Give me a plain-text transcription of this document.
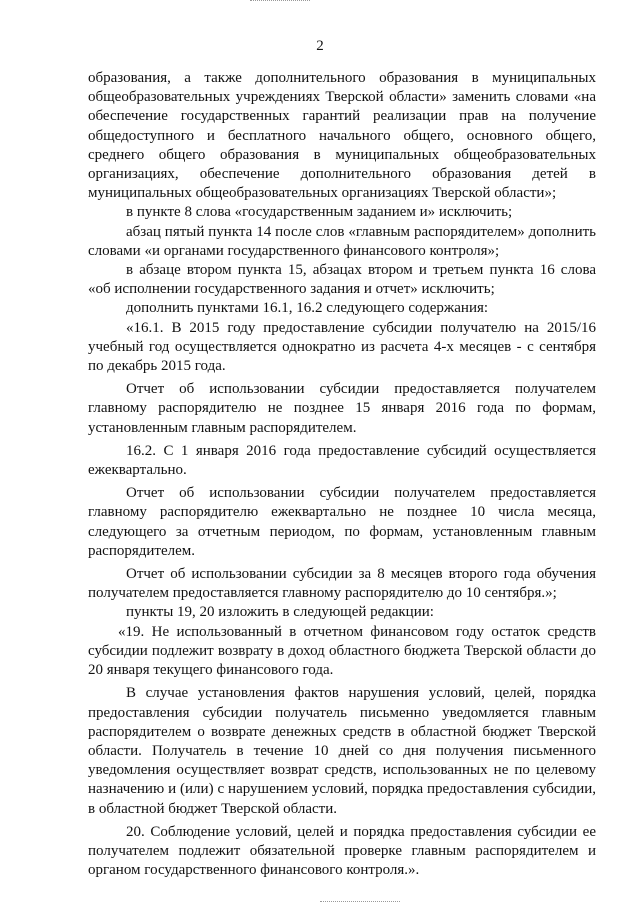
2

образования, а также дополнительного образования в муниципальных общеобразовательных учреждениях Тверской области» заменить словами «на обеспечение государственных гарантий реализации прав на получение общедоступного и бесплатного начального общего, основного общего, среднего общего образования в муниципальных общеобразовательных организациях, обеспечение дополнительного образования детей в муниципальных общеобразовательных организациях Тверской области»;

в пункте 8 слова «государственным заданием и» исключить;

абзац пятый пункта 14 после слов «главным распорядителем» дополнить словами «и органами государственного финансового контроля»;

в абзаце втором пункта 15, абзацах втором и третьем пункта 16 слова «об исполнении государственного задания и отчет» исключить;

дополнить пунктами 16.1, 16.2 следующего содержания:

«16.1. В 2015 году предоставление субсидии получателю на 2015/16 учебный год осуществляется однократно из расчета 4-х месяцев - с сентября по декабрь 2015 года.

Отчет об использовании субсидии предоставляется получателем главному распорядителю не позднее 15 января 2016 года по формам, установленным главным распорядителем.

16.2. С 1 января 2016 года предоставление субсидий осуществляется ежеквартально.

Отчет об использовании субсидии получателем предоставляется главному распорядителю ежеквартально не позднее 10 числа месяца, следующего за отчетным периодом, по формам, установленным главным распорядителем.

Отчет об использовании субсидии за 8 месяцев второго года обучения получателем предоставляется главному распорядителю до 10 сентября.»;

пункты 19, 20 изложить в следующей редакции:

«19. Не использованный в отчетном финансовом году остаток средств субсидии подлежит возврату в доход областного бюджета Тверской области до 20 января текущего финансового года.

В случае установления фактов нарушения условий, целей, порядка предоставления субсидии получатель письменно уведомляется главным распорядителем о возврате денежных средств в областной бюджет Тверской области. Получатель в течение 10 дней со дня получения письменного уведомления осуществляет возврат средств, использованных не по целевому назначению и (или) с нарушением условий, порядка предоставления субсидии, в областной бюджет Тверской области.

20. Соблюдение условий, целей и порядка предоставления субсидии ее получателем подлежит обязательной проверке главным распорядителем и органом государственного финансового контроля.».
